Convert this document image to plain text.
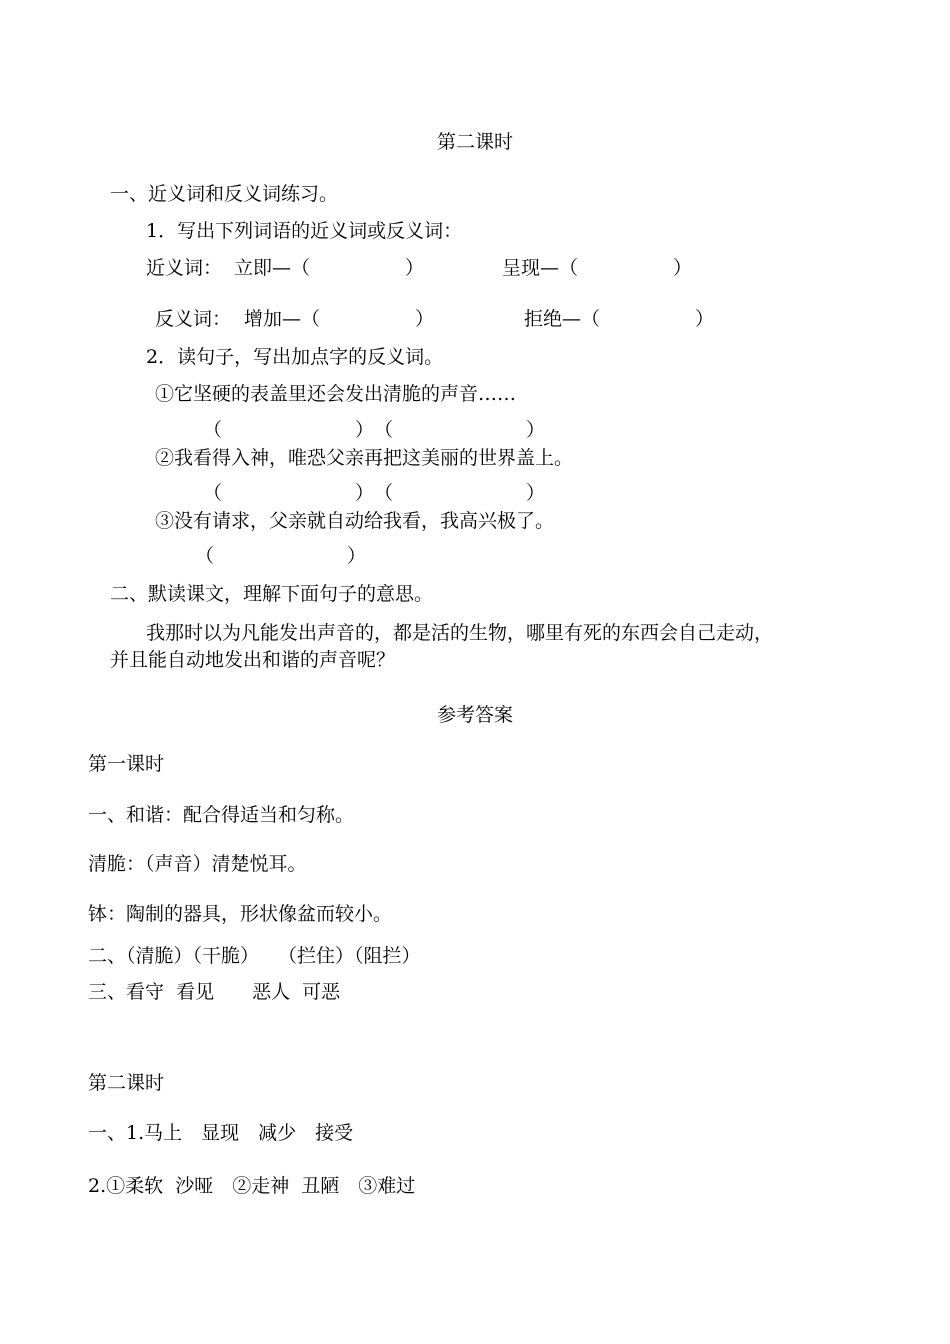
第二课时
一、近义词和反义词练习。
1．写出下列词语的近义词或反义词：
近义词： 立即—（　　　　　）	呈现—（　　　　　）
反义词： 增加—（　　　　　）	拒绝—（　　　　　）
2．读句子，写出加点字的反义词。
①它坚硬的表盖里还会发出清脆的声音……
（　　　　　　　）　（　　　　　　　）
②我看得入神，唯恐父亲再把这美丽的世界盖上。
（　　　　　　　）　（　　　　　　　）
③没有请求，父亲就自动给我看，我高兴极了。
（　　　　　　　）
二、默读课文，理解下面句子的意思。
我那时以为凡能发出声音的，都是活的生物，哪里有死的东西会自己走动，
并且能自动地发出和谐的声音呢？
参考答案
第一课时
一、和谐：配合得适当和匀称。
清脆：（声音）清楚悦耳。
钵：陶制的器具，形状像盆而较小。
二、（清脆）（干脆）　　（拦住）（阻拦）
三、看守  看见　　恶人  可恶
第二课时
一、1.马上　显现　减少　接受
2.①柔软  沙哑　②走神  丑陋　③难过
